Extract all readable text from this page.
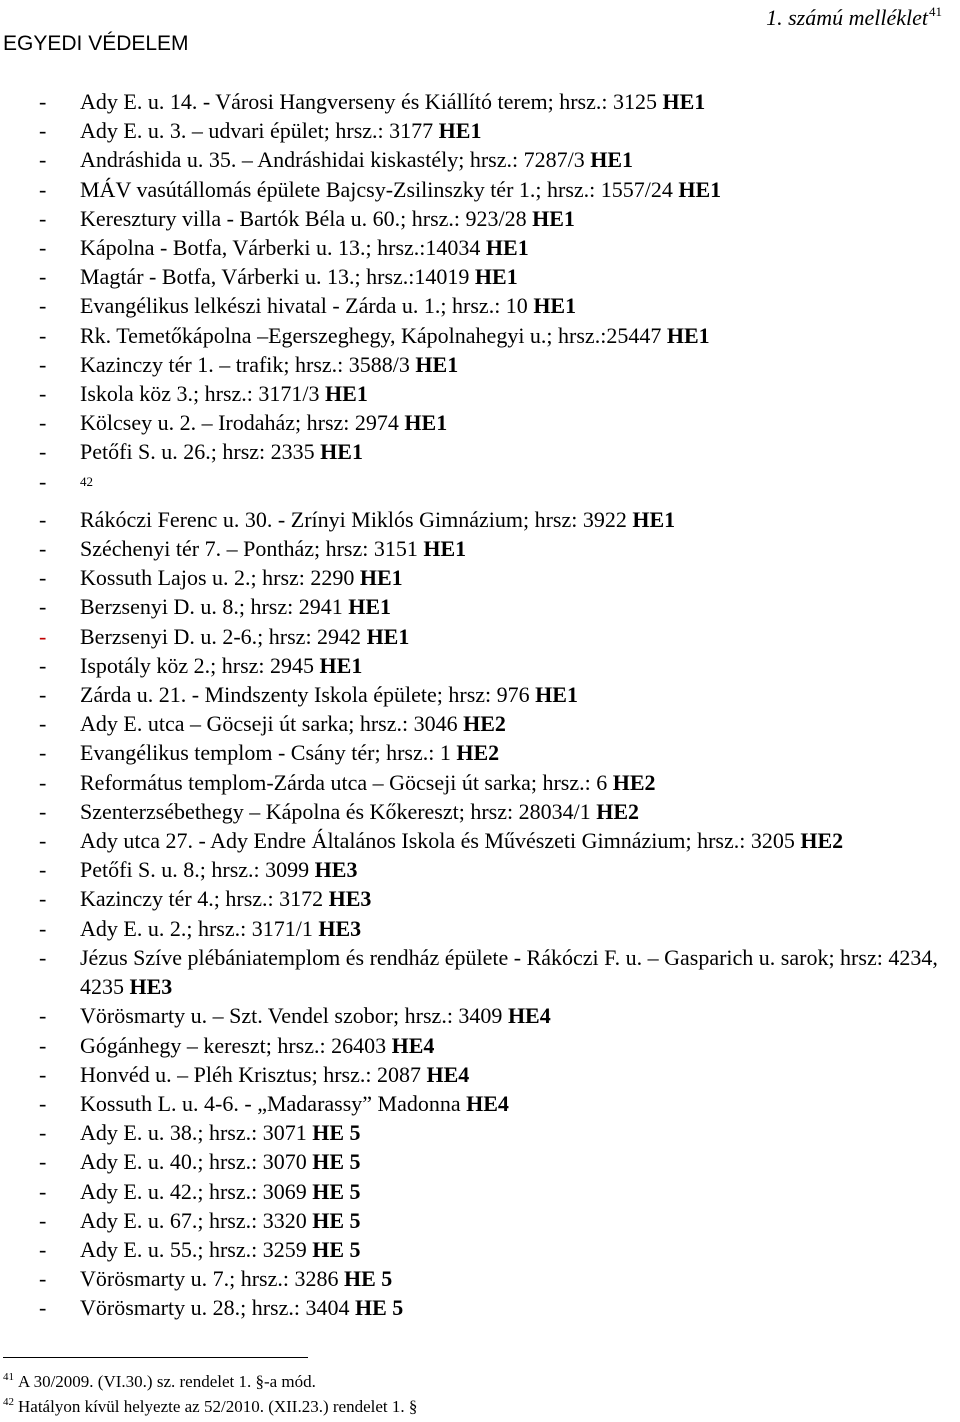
1. számú melléklet$^{41}$
EGYEDI VÉDELEM
-	Ady E. u. 14. - Városi Hangverseny és Kiállító terem; hrsz.: 3125 HE1
-	Ady E. u. 3. – udvari épület; hrsz.: 3177 HE1
-	Andráshida u. 35. – Andráshidai kiskastély; hrsz.: 7287/3 HE1
-	MÁV vasútállomás épülete Bajcsy-Zsilinszky tér 1.; hrsz.: 1557/24 HE1
-	Keresztury villa - Bartók Béla u. 60.; hrsz.: 923/28 HE1
-	Kápolna - Botfa, Várberki u. 13.; hrsz.:14034 HE1
-	Magtár - Botfa, Várberki u. 13.; hrsz.:14019 HE1
-	Evangélikus lelkészi hivatal - Zárda u. 1.; hrsz.: 10 HE1
-	Rk. Temetőkápolna –Egerszeghegy, Kápolnahegyi u.; hrsz.:25447 HE1
-	Kazinczy tér 1. – trafik; hrsz.: 3588/3 HE1
-	Iskola köz 3.; hrsz.: 3171/3 HE1
-	Kölcsey u. 2. – Irodaház; hrsz: 2974 HE1
-	Petőfi S. u. 26.; hrsz: 2335 HE1
-	$^{42}$
-	Rákóczi Ferenc u. 30. - Zrínyi Miklós Gimnázium; hrsz: 3922 HE1
-	Széchenyi tér 7. – Pontház; hrsz: 3151 HE1
-	Kossuth Lajos u. 2.; hrsz: 2290 HE1
-	Berzsenyi D. u. 8.; hrsz: 2941 HE1
-	Berzsenyi D. u. 2-6.; hrsz: 2942 HE1
-	Ispotály köz 2.; hrsz: 2945 HE1
-	Zárda u. 21. - Mindszenty Iskola épülete; hrsz: 976 HE1
-	Ady E. utca – Göcseji út sarka; hrsz.: 3046 HE2
-	Evangélikus templom - Csány tér; hrsz.: 1 HE2
-	Református templom-Zárda utca – Göcseji út sarka; hrsz.: 6 HE2
-	Szenterzsébethegy – Kápolna és Kőkereszt; hrsz: 28034/1 HE2
-	Ady utca 27. - Ady Endre Általános Iskola és Művészeti Gimnázium; hrsz.: 3205 HE2
-	Petőfi S. u. 8.; hrsz.: 3099 HE3
-	Kazinczy tér 4.; hrsz.: 3172 HE3
-	Ady E. u. 2.; hrsz.: 3171/1 HE3
-	Jézus Szíve plébániatemplom és rendház épülete - Rákóczi F. u. – Gasparich u. sarok; hrsz: 4234, 4235 HE3
-	Vörösmarty u. – Szt. Vendel szobor; hrsz.: 3409 HE4
-	Gógánhegy – kereszt; hrsz.: 26403 HE4
-	Honvéd u. – Pléh Krisztus; hrsz.: 2087 HE4
-	Kossuth L. u. 4-6. - „Madarassy” Madonna HE4
-	Ady E. u. 38.; hrsz.: 3071 HE 5
-	Ady E. u. 40.; hrsz.: 3070 HE 5
-	Ady E. u. 42.; hrsz.: 3069 HE 5
-	Ady E. u. 67.; hrsz.: 3320 HE 5
-	Ady E. u. 55.; hrsz.: 3259 HE 5
-	Vörösmarty u. 7.; hrsz.: 3286 HE 5
-	Vörösmarty u. 28.; hrsz.: 3404 HE 5
$^{41}$ A 30/2009. (VI.30.) sz. rendelet 1. §-a mód.
$^{42}$ Hatályon kívül helyezte az 52/2010. (XII.23.) rendelet 1. §
